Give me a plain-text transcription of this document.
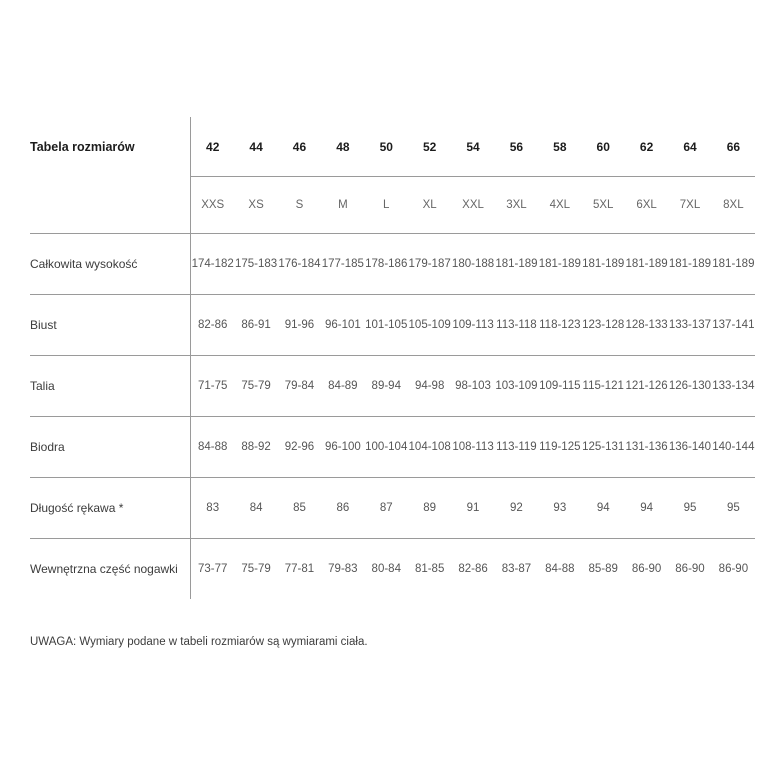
Tabela rozmiarów	42	44	46	48	50	52	54	56	58	60	62	64	66
XXS	XS	S	M	L	XL	XXL	3XL	4XL	5XL	6XL	7XL	8XL
Całkowita wysokość	174-182 175-183 176-184 177-185 178-186 179-187 180-188 181-189 181-189 181-189 181-189 181-189 181-189
Biust	82-86	86-91	91-96 96-101 101-105 105-109 109-113 113-118 118-123 123-128 128-133 133-137 137-141
Talia	71-75	75-79	79-84	84-89	89-94	94-98 98-103 103-109 109-115 115-121 121-126 126-130 133-134
Biodra	84-88	88-92	92-96 96-100 100-104 104-108 108-113 113-119 119-125 125-131 131-136 136-140 140-144
Długość rękawa *	83	84	85	86	87	89	91	92	93	94	94	95	95
Wewnętrzna część nogawki	73-77	75-79	77-81	79-83	80-84	81-85	82-86	83-87	84-88	85-89	86-90	86-90	86-90
UWAGA: Wymiary podane w tabeli rozmiarów są wymiarami ciała.
